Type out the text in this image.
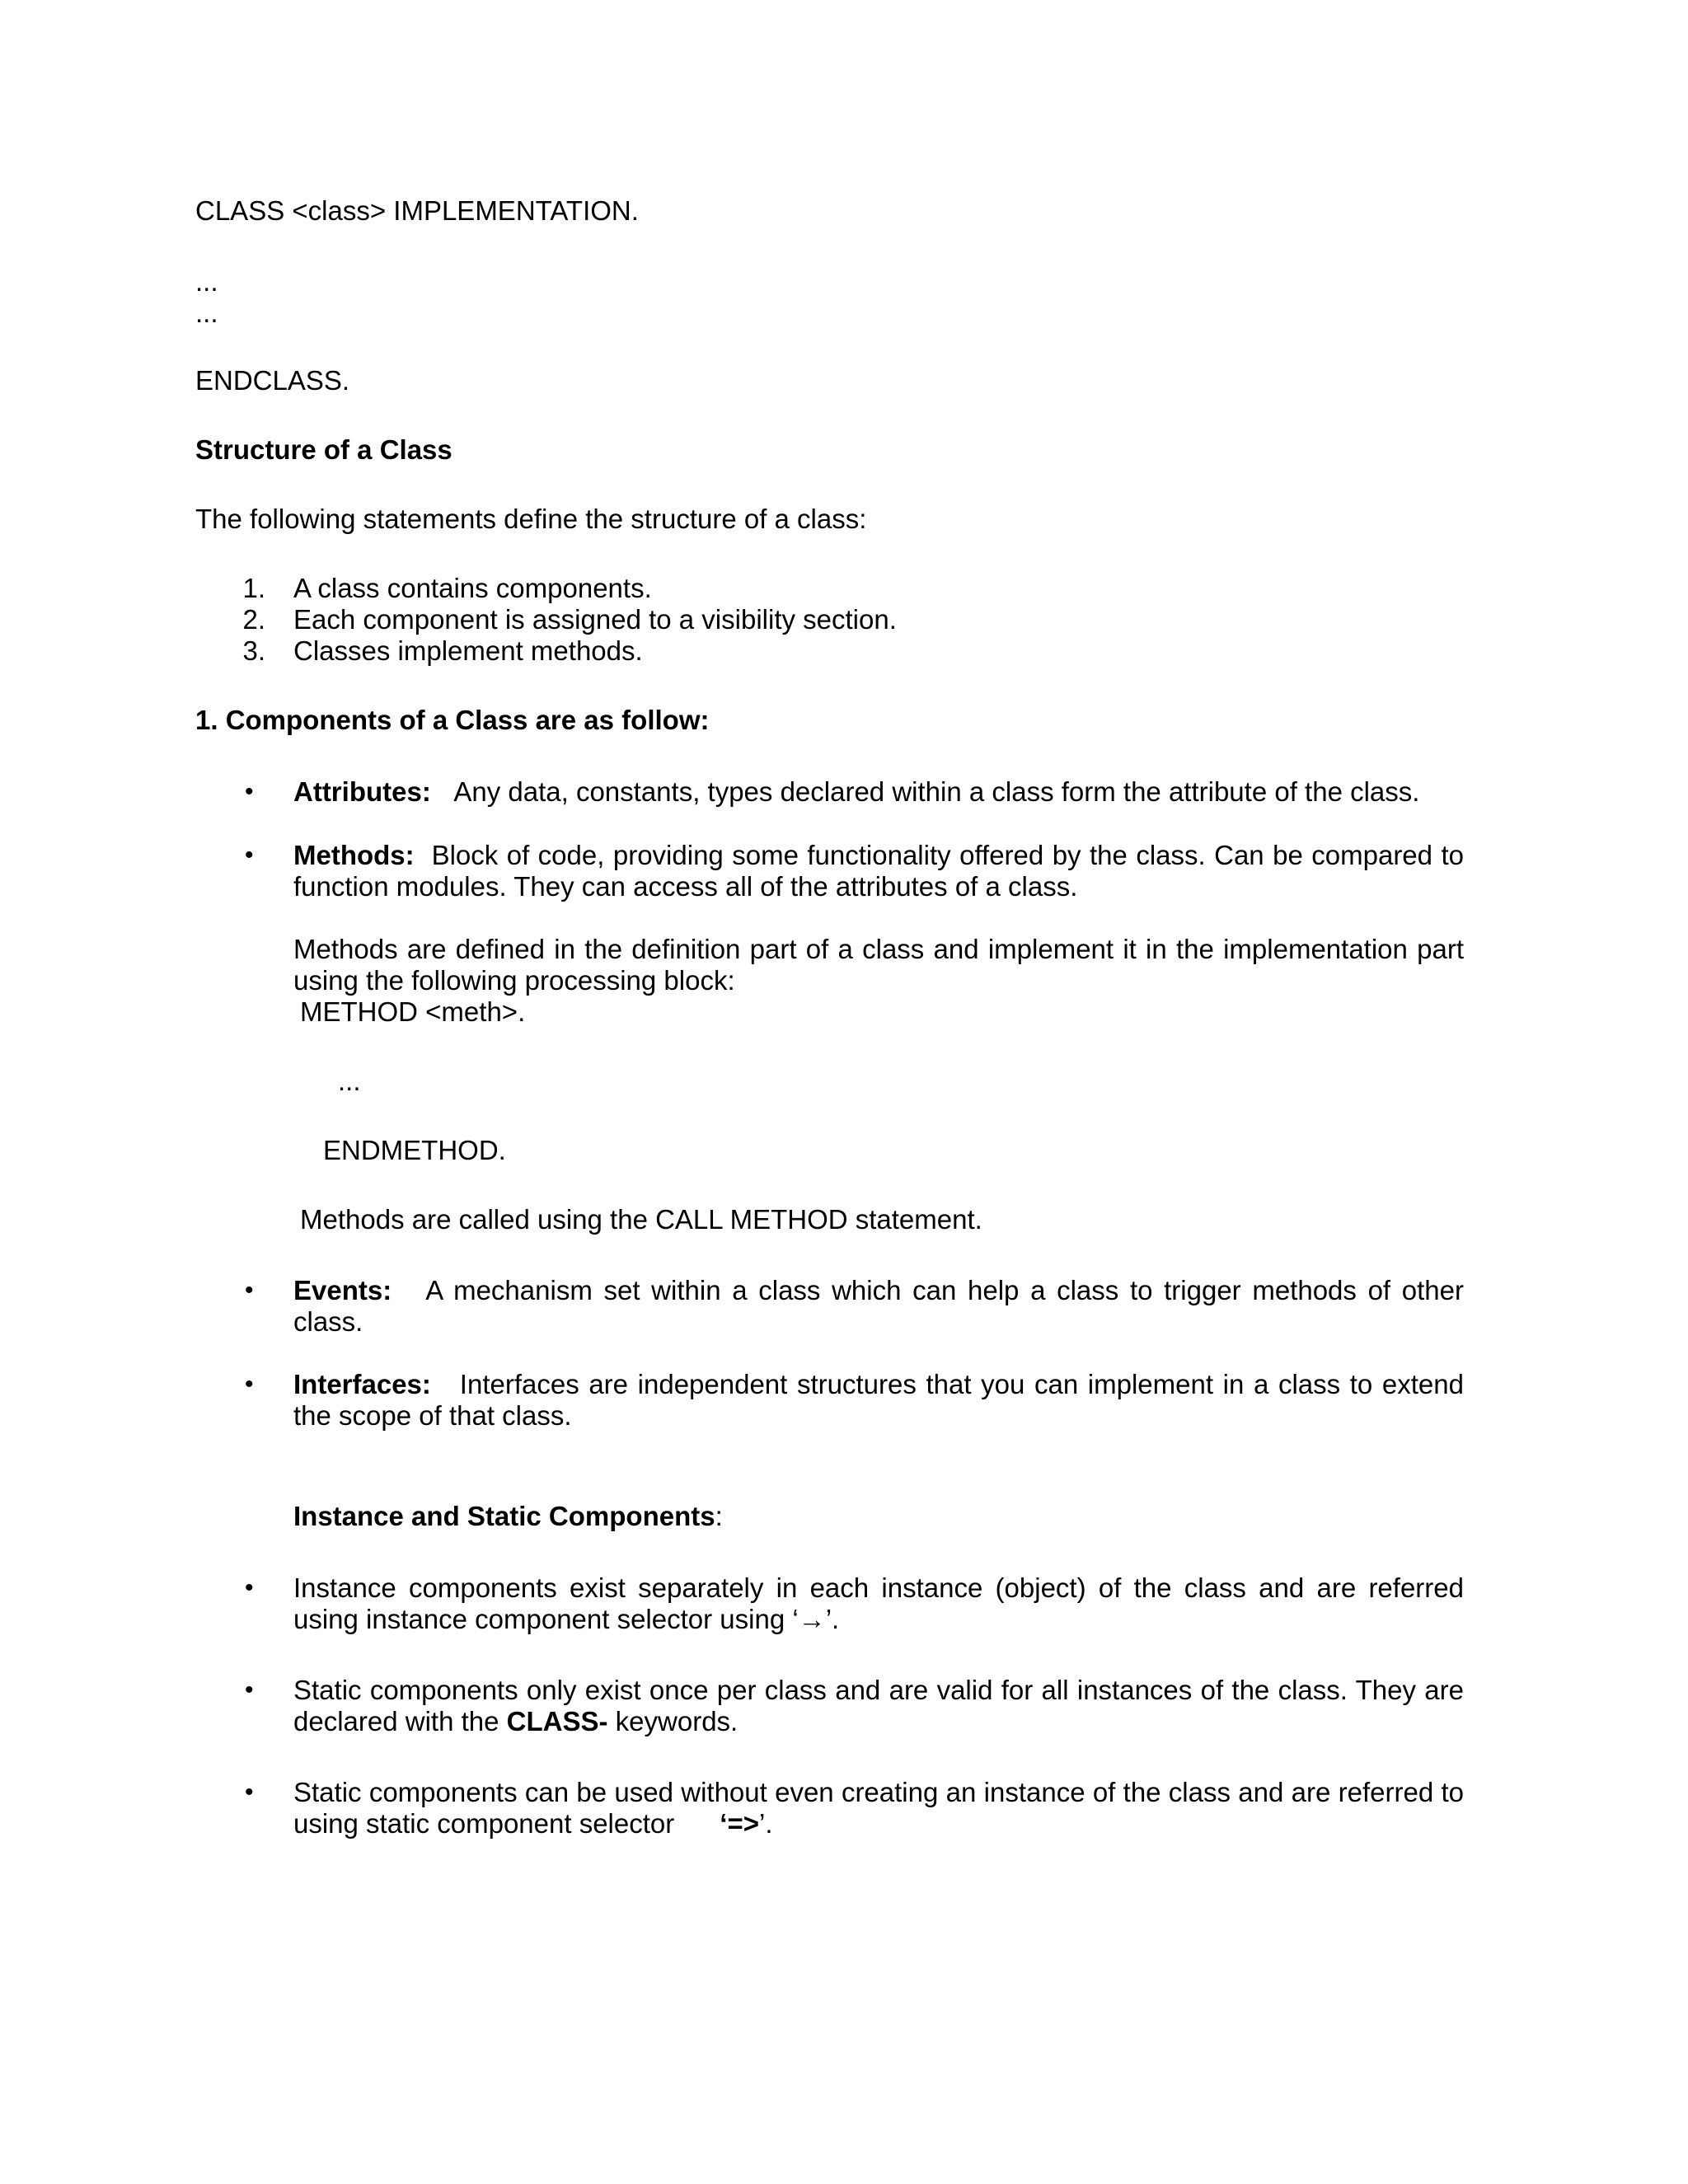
CLASS <class> IMPLEMENTATION.
...
...
ENDCLASS.
Structure of a Class
The following statements define the structure of a class:
1. A class contains components.
2. Each component is assigned to a visibility section.
3. Classes implement methods.
1. Components of a Class are as follow:
• Attributes: Any data, constants, types declared within a class form the attribute of the class.
• Methods: Block of code, providing some functionality offered by the class. Can be compared to function modules. They can access all of the attributes of a class.
Methods are defined in the definition part of a class and implement it in the implementation part using the following processing block:
METHOD <meth>.
...
ENDMETHOD.
Methods are called using the CALL METHOD statement.
• Events: A mechanism set within a class which can help a class to trigger methods of other class.
• Interfaces: Interfaces are independent structures that you can implement in a class to extend the scope of that class.
Instance and Static Components:
• Instance components exist separately in each instance (object) of the class and are referred using instance component selector using ‘→’.
• Static components only exist once per class and are valid for all instances of the class. They are declared with the CLASS- keywords.
• Static components can be used without even creating an instance of the class and are referred to using static component selector ‘=>’.
